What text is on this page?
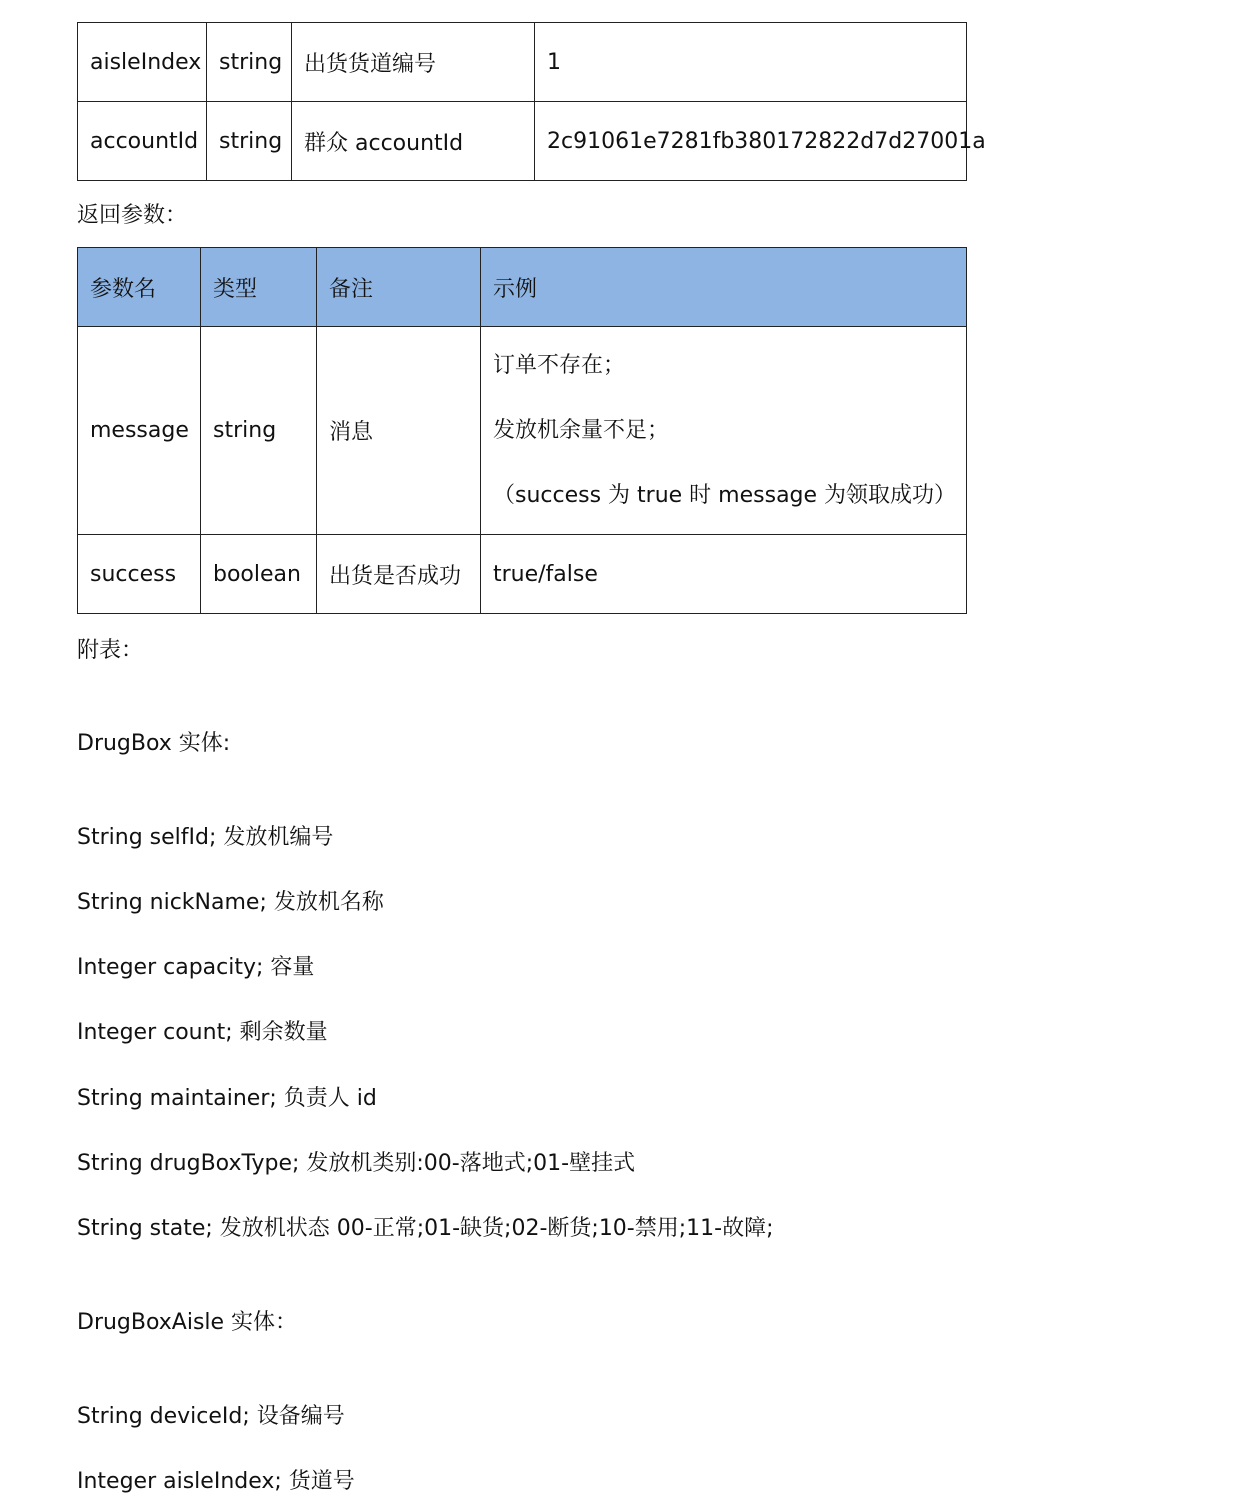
aisleIndex	string	出货货道编号	1
accountId	string	群众 accountId	2c91061e7281fb380172822d7d27001a
返回参数：
参数名	类型	备注	示例
message	string	消息	订单不存在；
发放机余量不足；
（success 为 true 时 message 为领取成功）

success	boolean	出货是否成功	true/false
附表：
DrugBox 实体:
String selfId; 发放机编号
String nickName; 发放机名称
Integer capacity; 容量
Integer count; 剩余数量
String maintainer; 负责人 id
String drugBoxType; 发放机类别:00-落地式;01-壁挂式
String state; 发放机状态 00-正常;01-缺货;02-断货;10-禁用;11-故障;
DrugBoxAisle 实体：
String deviceId; 设备编号
Integer aisleIndex; 货道号
